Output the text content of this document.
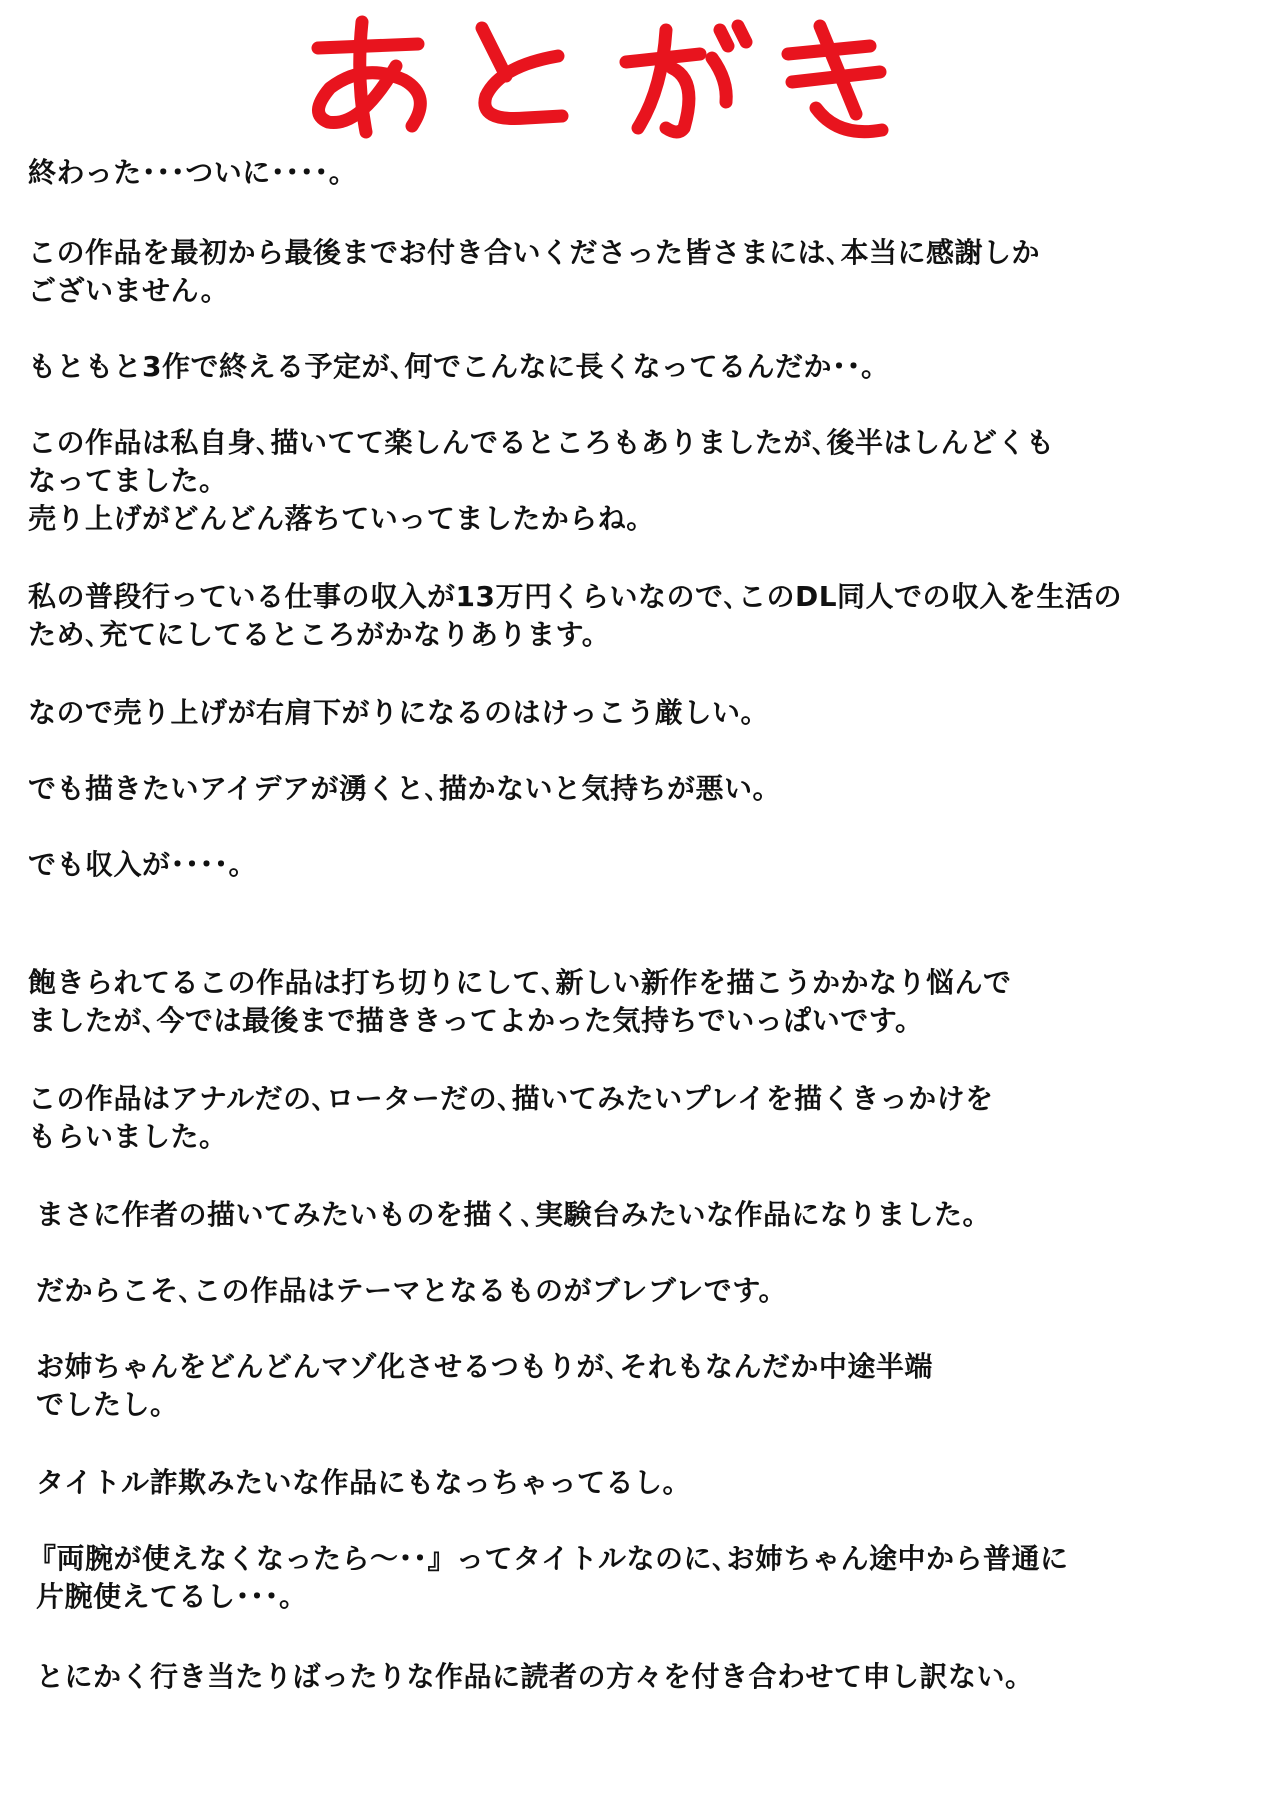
終わった･･･ついに････。

この作品を最初から最後までお付き合いくださった皆さまには､本当に感謝しか
ございません。

もともと3作で終える予定が､何でこんなに長くなってるんだか･･。

この作品は私自身､描いてて楽しんでるところもありましたが､後半はしんどくも
なってました。
売り上げがどんどん落ちていってましたからね。

私の普段行っている仕事の収入が13万円くらいなので､このDL同人での収入を生活の
ため､充てにしてるところがかなりあります。

なので売り上げが右肩下がりになるのはけっこう厳しい。

でも描きたいアイデアが湧くと､描かないと気持ちが悪い。

でも収入が････。

飽きられてるこの作品は打ち切りにして､新しい新作を描こうかかなり悩んで
ましたが､今では最後まで描ききってよかった気持ちでいっぱいです。

この作品はアナルだの､ローターだの､描いてみたいプレイを描くきっかけを
もらいました。

まさに作者の描いてみたいものを描く､実験台みたいな作品になりました。

だからこそ､この作品はテーマとなるものがブレブレです。

お姉ちゃんをどんどんマゾ化させるつもりが､それもなんだか中途半端
でしたし。

タイトル詐欺みたいな作品にもなっちゃってるし。

『両腕が使えなくなったら〜･･』ってタイトルなのに､お姉ちゃん途中から普通に
片腕使えてるし･･･。

とにかく行き当たりばったりな作品に読者の方々を付き合わせて申し訳ない。
